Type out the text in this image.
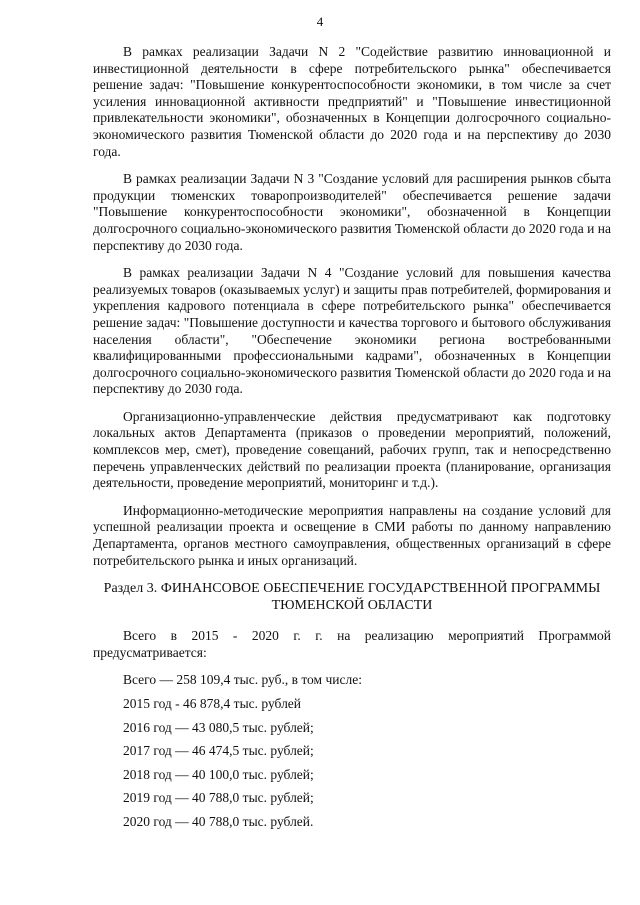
4

В рамках реализации Задачи N 2 "Содействие развитию инновационной и инвестиционной деятельности в сфере потребительского рынка" обеспечивается решение задач: "Повышение конкурентоспособности экономики, в том числе за счет усиления инновационной активности предприятий" и "Повышение инвестиционной привлекательности экономики", обозначенных в Концепции долгосрочного социально-экономического развития Тюменской области до 2020 года и на перспективу до 2030 года.

В рамках реализации Задачи N 3 "Создание условий для расширения рынков сбыта продукции тюменских товаропроизводителей" обеспечивается решение задачи "Повышение конкурентоспособности экономики", обозначенной в Концепции долгосрочного социально-экономического развития Тюменской области до 2020 года и на перспективу до 2030 года.

В рамках реализации Задачи N 4 "Создание условий для повышения качества реализуемых товаров (оказываемых услуг) и защиты прав потребителей, формирования и укрепления кадрового потенциала в сфере потребительского рынка" обеспечивается решение задач: "Повышение доступности и качества торгового и бытового обслуживания населения области", "Обеспечение экономики региона востребованными квалифицированными профессиональными кадрами", обозначенных в Концепции долгосрочного социально-экономического развития Тюменской области до 2020 года и на перспективу до 2030 года.

Организационно-управленческие действия предусматривают как подготовку локальных актов Департамента (приказов о проведении мероприятий, положений, комплексов мер, смет), проведение совещаний, рабочих групп, так и непосредственно перечень управленческих действий по реализации проекта (планирование, организация деятельности, проведение мероприятий, мониторинг и т.д.).

Информационно-методические мероприятия направлены на создание условий для успешной реализации проекта и освещение в СМИ работы по данному направлению Департамента, органов местного самоуправления, общественных организаций в сфере потребительского рынка и иных организаций.

Раздел 3. ФИНАНСОВОЕ ОБЕСПЕЧЕНИЕ ГОСУДАРСТВЕННОЙ ПРОГРАММЫ ТЮМЕНСКОЙ ОБЛАСТИ

Всего в 2015 - 2020 г. г. на реализацию мероприятий Программой предусматривается:

Всего — 258 109,4 тыс. руб., в том числе:
2015 год - 46 878,4 тыс. рублей
2016 год — 43 080,5 тыс. рублей;
2017 год — 46 474,5 тыс. рублей;
2018 год — 40 100,0 тыс. рублей;
2019 год — 40 788,0 тыс. рублей;
2020 год — 40 788,0 тыс. рублей.
